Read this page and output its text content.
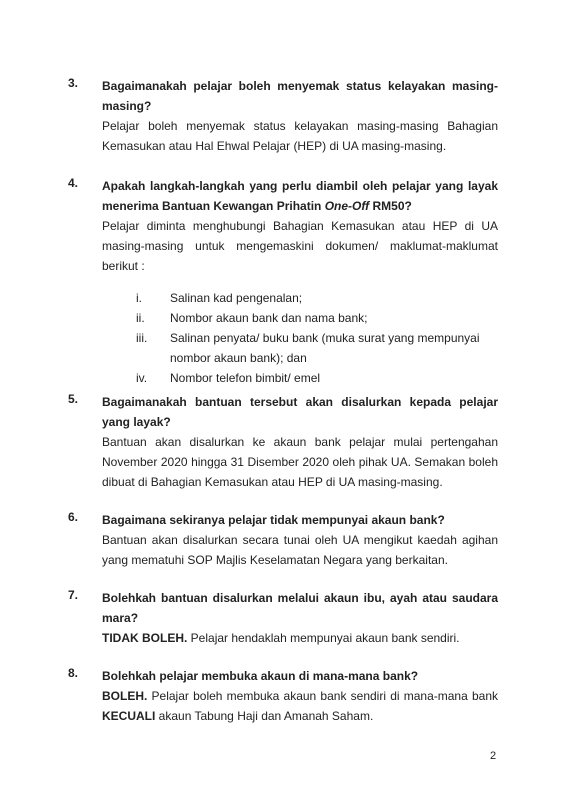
3. Bagaimanakah pelajar boleh menyemak status kelayakan masing-masing?
Pelajar boleh menyemak status kelayakan masing-masing Bahagian Kemasukan atau Hal Ehwal Pelajar (HEP) di UA masing-masing.
4. Apakah langkah-langkah yang perlu diambil oleh pelajar yang layak menerima Bantuan Kewangan Prihatin One-Off RM50?
Pelajar diminta menghubungi Bahagian Kemasukan atau HEP di UA masing-masing untuk mengemaskini dokumen/ maklumat-maklumat berikut :
i. Salinan kad pengenalan;
ii. Nombor akaun bank dan nama bank;
iii. Salinan penyata/ buku bank (muka surat yang mempunyai nombor akaun bank); dan
iv. Nombor telefon bimbit/ emel
5. Bagaimanakah bantuan tersebut akan disalurkan kepada pelajar yang layak?
Bantuan akan disalurkan ke akaun bank pelajar mulai pertengahan November 2020 hingga 31 Disember 2020 oleh pihak UA. Semakan boleh dibuat di Bahagian Kemasukan atau HEP di UA masing-masing.
6. Bagaimana sekiranya pelajar tidak mempunyai akaun bank?
Bantuan akan disalurkan secara tunai oleh UA mengikut kaedah agihan yang mematuhi SOP Majlis Keselamatan Negara yang berkaitan.
7. Bolehkah bantuan disalurkan melalui akaun ibu, ayah atau saudara mara?
TIDAK BOLEH. Pelajar hendaklah mempunyai akaun bank sendiri.
8. Bolehkah pelajar membuka akaun di mana-mana bank?
BOLEH. Pelajar boleh membuka akaun bank sendiri di mana-mana bank KECUALI akaun Tabung Haji dan Amanah Saham.
2
